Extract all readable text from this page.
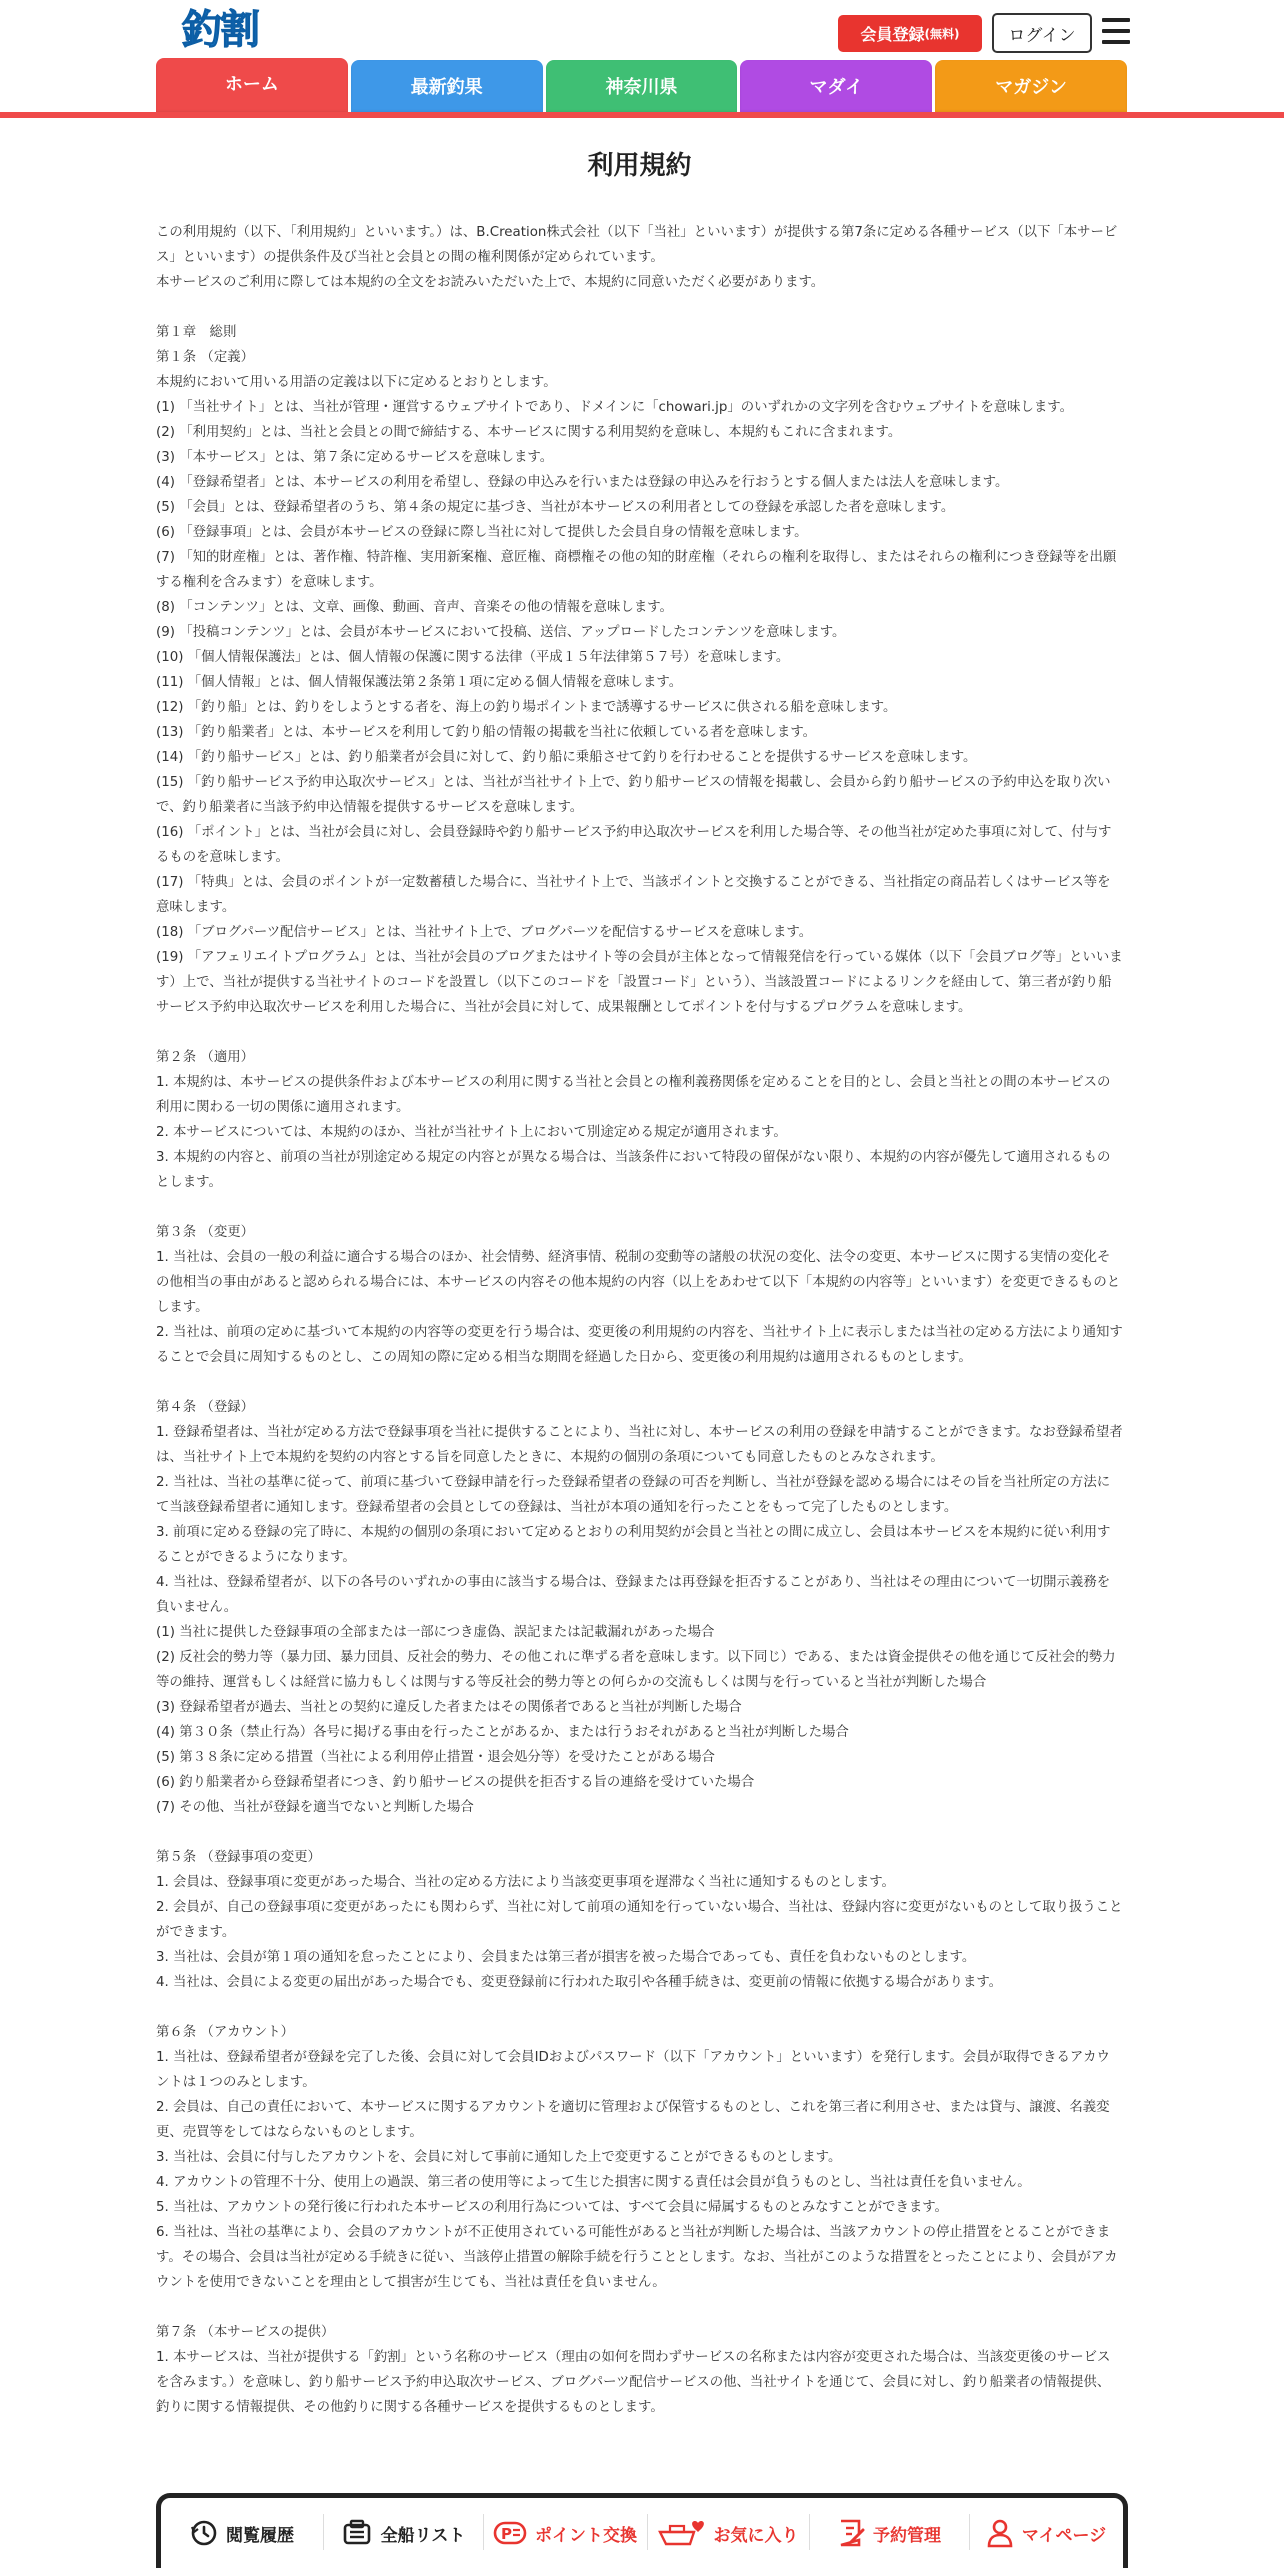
釣割	会員登録 (無料)	ログイン
ホーム	最新釣果	神奈川県	マダイ	マガジン
利用規約

この利用規約（以下、「利用規約」といいます。）は、B.Creation株式会社（以下「当社」といいます）が提供する第7条に定める各種サービス（以下「本サービス」といいます）の提供条件及び当社と会員との間の権利関係が定められています。

本サービスのご利用に際しては本規約の全文をお読みいただいた上で、本規約に同意いただく必要があります。

第１章　総則

第１条 （定義）

本規約において用いる用語の定義は以下に定めるとおりとします。

(1) 「当社サイト」とは、当社が管理・運営するウェブサイトであり、ドメインに「chowari.jp」のいずれかの文字列を含むウェブサイトを意味します。

(2) 「利用契約」とは、当社と会員との間で締結する、本サービスに関する利用契約を意味し、本規約もこれに含まれます。

(3) 「本サービス」とは、第７条に定めるサービスを意味します。

(4) 「登録希望者」とは、本サービスの利用を希望し、登録の申込みを行いまたは登録の申込みを行おうとする個人または法人を意味します。

(5) 「会員」とは、登録希望者のうち、第４条の規定に基づき、当社が本サービスの利用者としての登録を承認した者を意味します。

(6) 「登録事項」とは、会員が本サービスの登録に際し当社に対して提供した会員自身の情報を意味します。

(7) 「知的財産権」とは、著作権、特許権、実用新案権、意匠権、商標権その他の知的財産権（それらの権利を取得し、またはそれらの権利につき登録等を出願する権利を含みます）を意味します。

(8) 「コンテンツ」とは、文章、画像、動画、音声、音楽その他の情報を意味します。

(9) 「投稿コンテンツ」とは、会員が本サービスにおいて投稿、送信、アップロードしたコンテンツを意味します。

(10) 「個人情報保護法」とは、個人情報の保護に関する法律（平成１５年法律第５７号）を意味します。

(11) 「個人情報」とは、個人情報保護法第２条第１項に定める個人情報を意味します。

(12) 「釣り船」とは、釣りをしようとする者を、海上の釣り場ポイントまで誘導するサービスに供される船を意味します。

(13) 「釣り船業者」とは、本サービスを利用して釣り船の情報の掲載を当社に依頼している者を意味します。

(14) 「釣り船サービス」とは、釣り船業者が会員に対して、釣り船に乗船させて釣りを行わせることを提供するサービスを意味します。

(15) 「釣り船サービス予約申込取次サービス」とは、当社が当社サイト上で、釣り船サービスの情報を掲載し、会員から釣り船サービスの予約申込を取り次いで、釣り船業者に当該予約申込情報を提供するサービスを意味します。

(16) 「ポイント」とは、当社が会員に対し、会員登録時や釣り船サービス予約申込取次サービスを利用した場合等、その他当社が定めた事項に対して、付与するものを意味します。

(17) 「特典」とは、会員のポイントが一定数蓄積した場合に、当社サイト上で、当該ポイントと交換することができる、当社指定の商品若しくはサービス等を意味します。

(18) 「ブログパーツ配信サービス」とは、当社サイト上で、ブログパーツを配信するサービスを意味します。

(19) 「アフェリエイトプログラム」とは、当社が会員のブログまたはサイト等の会員が主体となって情報発信を行っている媒体（以下「会員ブログ等」といいます）上で、当社が提供する当社サイトのコードを設置し（以下このコードを「設置コード」という）、当該設置コードによるリンクを経由して、第三者が釣り船サービス予約申込取次サービスを利用した場合に、当社が会員に対して、成果報酬としてポイントを付与するプログラムを意味します。

第２条 （適用）

1. 本規約は、本サービスの提供条件および本サービスの利用に関する当社と会員との権利義務関係を定めることを目的とし、会員と当社との間の本サービスの利用に関わる一切の関係に適用されます。

2. 本サービスについては、本規約のほか、当社が当社サイト上において別途定める規定が適用されます。

3. 本規約の内容と、前項の当社が別途定める規定の内容とが異なる場合は、当該条件において特段の留保がない限り、本規約の内容が優先して適用されるものとします。

第３条 （変更）

1. 当社は、会員の一般の利益に適合する場合のほか、社会情勢、経済事情、税制の変動等の諸般の状況の変化、法令の変更、本サービスに関する実情の変化その他相当の事由があると認められる場合には、本サービスの内容その他本規約の内容（以上をあわせて以下「本規約の内容等」といいます）を変更できるものとします。

2. 当社は、前項の定めに基づいて本規約の内容等の変更を行う場合は、変更後の利用規約の内容を、当社サイト上に表示しまたは当社の定める方法により通知することで会員に周知するものとし、この周知の際に定める相当な期間を経過した日から、変更後の利用規約は適用されるものとします。

第４条 （登録）

1. 登録希望者は、当社が定める方法で登録事項を当社に提供することにより、当社に対し、本サービスの利用の登録を申請することができます。なお登録希望者は、当社サイト上で本規約を契約の内容とする旨を同意したときに、本規約の個別の条項についても同意したものとみなされます。

2. 当社は、当社の基準に従って、前項に基づいて登録申請を行った登録希望者の登録の可否を判断し、当社が登録を認める場合にはその旨を当社所定の方法にて当該登録希望者に通知します。登録希望者の会員としての登録は、当社が本項の通知を行ったことをもって完了したものとします。

3. 前項に定める登録の完了時に、本規約の個別の条項において定めるとおりの利用契約が会員と当社との間に成立し、会員は本サービスを本規約に従い利用することができるようになります。

4. 当社は、登録希望者が、以下の各号のいずれかの事由に該当する場合は、登録または再登録を拒否することがあり、当社はその理由について一切開示義務を負いません。

(1) 当社に提供した登録事項の全部または一部につき虚偽、誤記または記載漏れがあった場合

(2) 反社会的勢力等（暴力団、暴力団員、反社会的勢力、その他これに準ずる者を意味します。以下同じ）である、または資金提供その他を通じて反社会的勢力等の維持、運営もしくは経営に協力もしくは関与する等反社会的勢力等との何らかの交流もしくは関与を行っていると当社が判断した場合

(3) 登録希望者が過去、当社との契約に違反した者またはその関係者であると当社が判断した場合

(4) 第３０条（禁止行為）各号に掲げる事由を行ったことがあるか、または行うおそれがあると当社が判断した場合

(5) 第３８条に定める措置（当社による利用停止措置・退会処分等）を受けたことがある場合

(6) 釣り船業者から登録希望者につき、釣り船サービスの提供を拒否する旨の連絡を受けていた場合

(7) その他、当社が登録を適当でないと判断した場合

第５条 （登録事項の変更）

1. 会員は、登録事項に変更があった場合、当社の定める方法により当該変更事項を遅滞なく当社に通知するものとします。

2. 会員が、自己の登録事項に変更があったにも関わらず、当社に対して前項の通知を行っていない場合、当社は、登録内容に変更がないものとして取り扱うことができます。

3. 当社は、会員が第１項の通知を怠ったことにより、会員または第三者が損害を被った場合であっても、責任を負わないものとします。

4. 当社は、会員による変更の届出があった場合でも、変更登録前に行われた取引や各種手続きは、変更前の情報に依拠する場合があります。

第６条 （アカウント）

1. 当社は、登録希望者が登録を完了した後、会員に対して会員IDおよびパスワード（以下「アカウント」といいます）を発行します。会員が取得できるアカウントは１つのみとします。

2. 会員は、自己の責任において、本サービスに関するアカウントを適切に管理および保管するものとし、これを第三者に利用させ、または貸与、譲渡、名義変更、売買等をしてはならないものとします。

3. 当社は、会員に付与したアカウントを、会員に対して事前に通知した上で変更することができるものとします。

4. アカウントの管理不十分、使用上の過誤、第三者の使用等によって生じた損害に関する責任は会員が負うものとし、当社は責任を負いません。

5. 当社は、アカウントの発行後に行われた本サービスの利用行為については、すべて会員に帰属するものとみなすことができます。

6. 当社は、当社の基準により、会員のアカウントが不正使用されている可能性があると当社が判断した場合は、当該アカウントの停止措置をとることができます。その場合、会員は当社が定める手続きに従い、当該停止措置の解除手続を行うこととします。なお、当社がこのような措置をとったことにより、会員がアカウントを使用できないことを理由として損害が生じても、当社は責任を負いません。

第７条 （本サービスの提供）

1. 本サービスは、当社が提供する「釣割」という名称のサービス（理由の如何を問わずサービスの名称または内容が変更された場合は、当該変更後のサービスを含みます。）を意味し、釣り船サービス予約申込取次サービス、ブログパーツ配信サービスの他、当社サイトを通じて、会員に対し、釣り船業者の情報提供、釣りに関する情報提供、その他釣りに関する各種サービスを提供するものとします。

閲覧履歴	全船リスト P ポイント交換	お気に入り	予約管理	マイページ
